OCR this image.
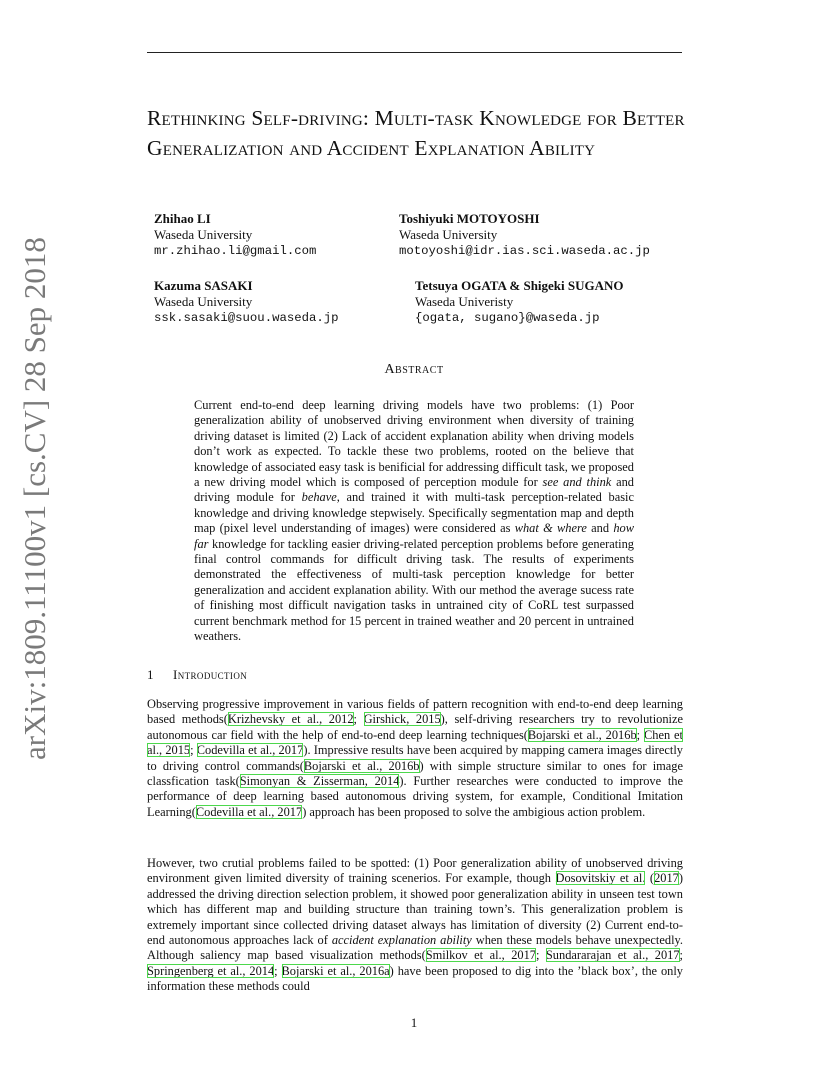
arXiv:1809.11100v1 [cs.CV] 28 Sep 2018
Rethinking Self-driving: Multi-task Knowledge for Better Generalization and Accident Explanation Ability
Zhihao LI
Waseda University
mr.zhihao.li@gmail.com
Toshiyuki MOTOYOSHI
Waseda University
motoyoshi@idr.ias.sci.waseda.ac.jp
Kazuma SASAKI
Waseda University
ssk.sasaki@suou.waseda.jp
Tetsuya OGATA & Shigeki SUGANO
Waseda Univeristy
{ogata, sugano}@waseda.jp
Abstract
Current end-to-end deep learning driving models have two problems: (1) Poor generalization ability of unobserved driving environment when diversity of training driving dataset is limited (2) Lack of accident explanation ability when driving models don’t work as expected. To tackle these two problems, rooted on the believe that knowledge of associated easy task is benificial for addressing difficult task, we proposed a new driving model which is composed of perception module for see and think and driving module for behave, and trained it with multi-task perception-related basic knowledge and driving knowledge stepwisely. Specifically segmentation map and depth map (pixel level understanding of images) were considered as what & where and how far knowledge for tackling easier driving-related perception problems before generating final control commands for difficult driving task. The results of experiments demonstrated the effectiveness of multi-task perception knowledge for better generalization and accident explanation ability. With our method the average sucess rate of finishing most difficult navigation tasks in untrained city of CoRL test surpassed current benchmark method for 15 percent in trained weather and 20 percent in untrained weathers.
1 Introduction
Observing progressive improvement in various fields of pattern recognition with end-to-end deep learning based methods(Krizhevsky et al., 2012; Girshick, 2015), self-driving researchers try to revolutionize autonomous car field with the help of end-to-end deep learning techniques(Bojarski et al., 2016b; Chen et al., 2015; Codevilla et al., 2017). Impressive results have been acquired by mapping camera images directly to driving control commands(Bojarski et al., 2016b) with simple structure similar to ones for image classfication task(Simonyan & Zisserman, 2014). Further researches were conducted to improve the performance of deep learning based autonomous driving system, for example, Conditional Imitation Learning(Codevilla et al., 2017) approach has been proposed to solve the ambigious action problem.
However, two crutial problems failed to be spotted: (1) Poor generalization ability of unobserved driving environment given limited diversity of training scenerios. For example, though Dosovitskiy et al. (2017) addressed the driving direction selection problem, it showed poor generalization ability in unseen test town which has different map and building structure than training town’s. This generalization problem is extremely important since collected driving dataset always has limitation of diversity (2) Current end-to-end autonomous approaches lack of accident explanation ability when these models behave unexpectedly. Although saliency map based visualization methods(Smilkov et al., 2017; Sundararajan et al., 2017; Springenberg et al., 2014; Bojarski et al., 2016a) have been proposed to dig into the ’black box’, the only information these methods could
1
